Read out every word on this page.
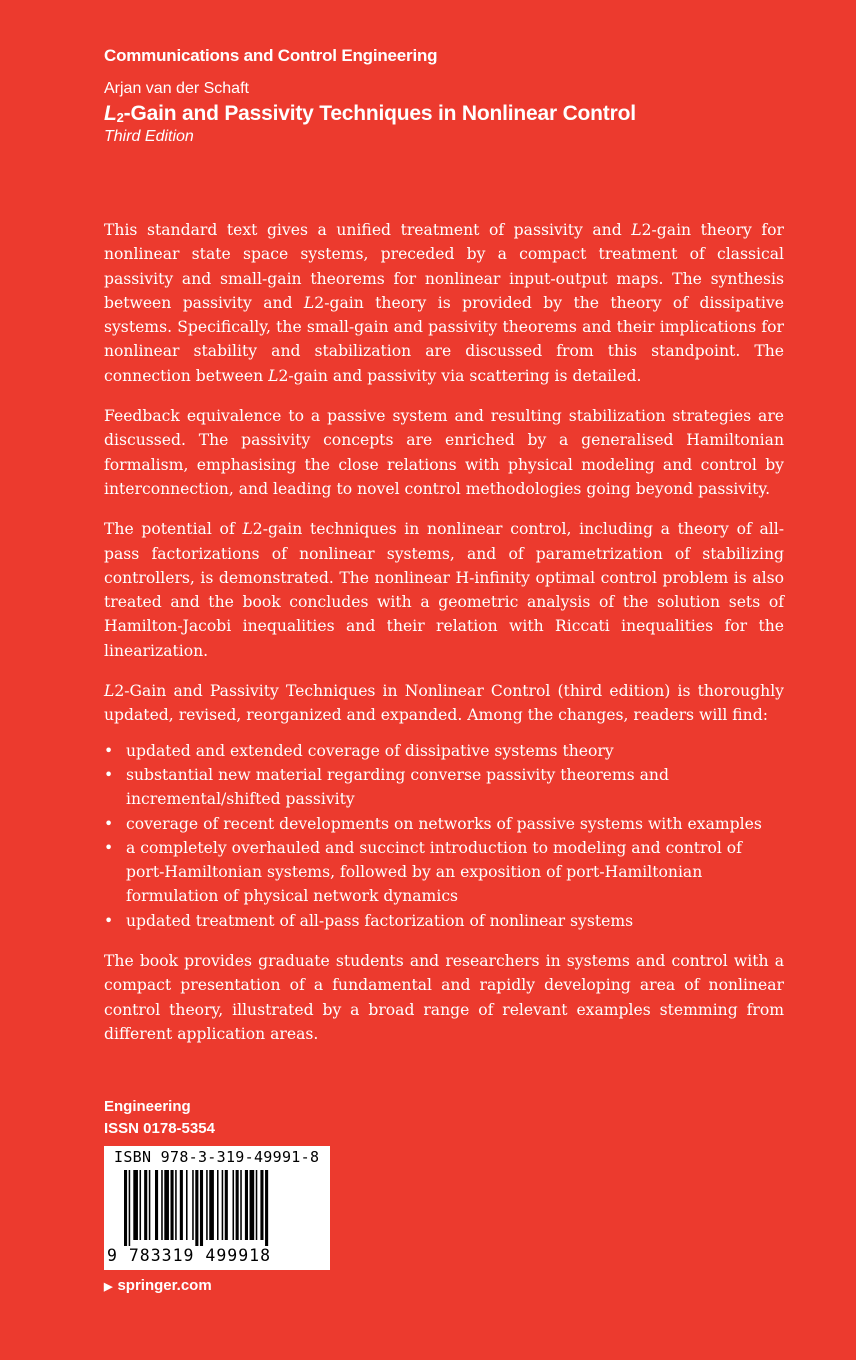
Communications and Control Engineering

Arjan van der Schaft

$L_2$-Gain and Passivity Techniques in Nonlinear Control

Third Edition

This standard text gives a unified treatment of passivity and L2-gain theory for nonlinear state space systems, preceded by a compact treatment of classical passivity and small-gain theorems for nonlinear input-output maps. The synthesis between passivity and L2-gain theory is provided by the theory of dissipative systems. Specifically, the small-gain and passivity theorems and their implications for nonlinear stability and stabilization are discussed from this standpoint. The connection between L2-gain and passivity via scattering is detailed.

Feedback equivalence to a passive system and resulting stabilization strategies are discussed. The passivity concepts are enriched by a generalised Hamiltonian formalism, emphasising the close relations with physical modeling and control by interconnection, and leading to novel control methodologies going beyond passivity.

The potential of L2-gain techniques in nonlinear control, including a theory of all-pass factorizations of nonlinear systems, and of parametrization of stabilizing controllers, is demonstrated. The nonlinear H-infinity optimal control problem is also treated and the book concludes with a geometric analysis of the solution sets of Hamilton-Jacobi inequalities and their relation with Riccati inequalities for the linearization.

L2-Gain and Passivity Techniques in Nonlinear Control (third edition) is thoroughly updated, revised, reorganized and expanded. Among the changes, readers will find:

• updated and extended coverage of dissipative systems theory
• substantial new material regarding converse passivity theorems and incremental/shifted passivity
• coverage of recent developments on networks of passive systems with examples
• a completely overhauled and succinct introduction to modeling and control of port-Hamiltonian systems, followed by an exposition of port-Hamiltonian formulation of physical network dynamics
• updated treatment of all-pass factorization of nonlinear systems

The book provides graduate students and researchers in systems and control with a compact presentation of a fundamental and rapidly developing area of nonlinear control theory, illustrated by a broad range of relevant examples stemming from different application areas.

Engineering
ISSN 0178-5354
ISBN 978-3-319-49991-8
9 783319 499918
▶ springer.com
